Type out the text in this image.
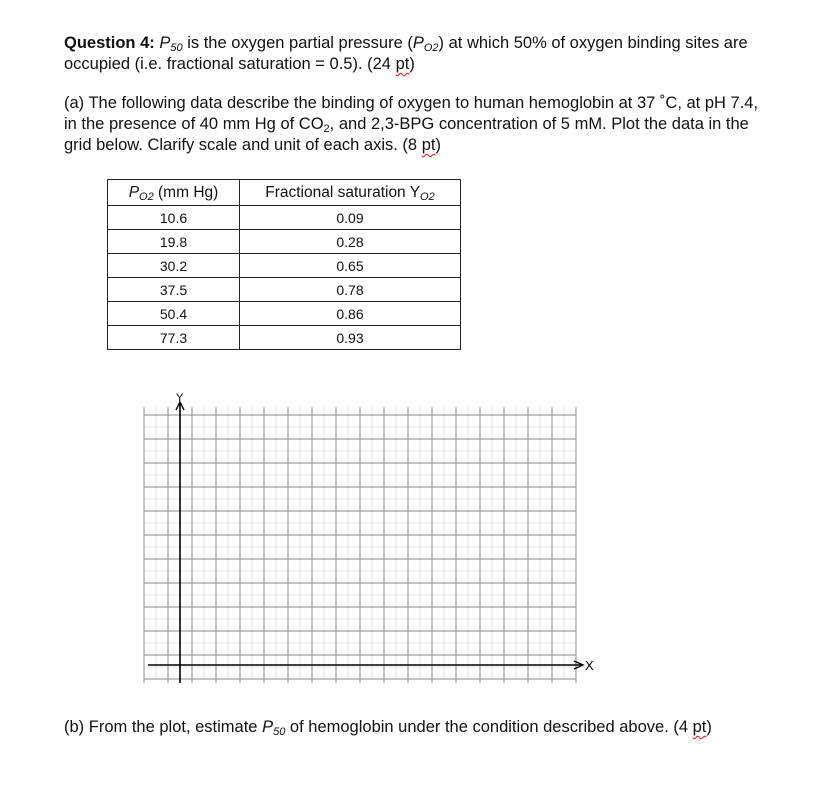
Question 4: $P_{50}$ is the oxygen partial pressure $(P_{O2})$ at which 50% of oxygen binding sites are occupied (i.e. fractional saturation = 0.5). (24 pt)
(a) The following data describe the binding of oxygen to human hemoglobin at 37 ˚C, at pH 7.4, in the presence of 40 mm Hg of $CO_2$, and 2,3-BPG concentration of 5 mM. Plot the data in the grid below. Clarify scale and unit of each axis. (8 pt)
$P_{O2}$ (mm Hg)	Fractional saturation $Y_{O2}$
10.6	0.09
19.8	0.28
30.2	0.65
37.5	0.78
50.4	0.86
77.3	0.93
Y
X
(b) From the plot, estimate $P_{50}$ of hemoglobin under the condition described above. (4 pt)
